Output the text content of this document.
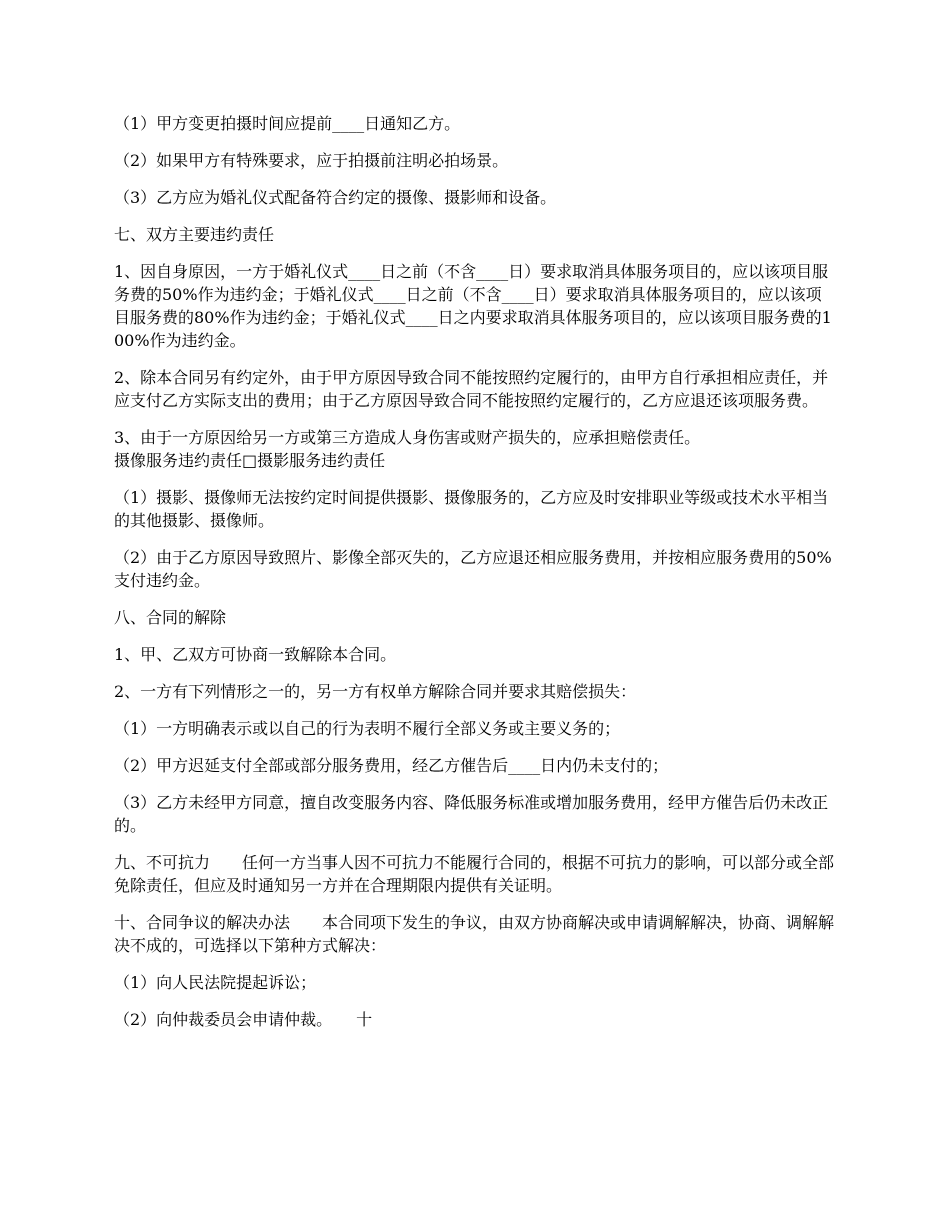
（1）甲方变更拍摄时间应提前____日通知乙方。

（2）如果甲方有特殊要求，应于拍摄前注明必拍场景。

（3）乙方应为婚礼仪式配备符合约定的摄像、摄影师和设备。

七、双方主要违约责任

1、因自身原因，一方于婚礼仪式____日之前（不含____日）要求取消具体服务项目的，应以该项目服务费的50%作为违约金；于婚礼仪式____日之前（不含____日）要求取消具体服务项目的，应以该项目服务费的80%作为违约金；于婚礼仪式____日之内要求取消具体服务项目的，应以该项目服务费的100%作为违约金。

2、除本合同另有约定外，由于甲方原因导致合同不能按照约定履行的，由甲方自行承担相应责任，并应支付乙方实际支出的费用；由于乙方原因导致合同不能按照约定履行的，乙方应退还该项服务费。

3、由于一方原因给另一方或第三方造成人身伤害或财产损失的，应承担赔偿责任。

摄像服务违约责任□摄影服务违约责任

（1）摄影、摄像师无法按约定时间提供摄影、摄像服务的，乙方应及时安排职业等级或技术水平相当的其他摄影、摄像师。

（2）由于乙方原因导致照片、影像全部灭失的，乙方应退还相应服务费用，并按相应服务费用的50%支付违约金。

八、合同的解除

1、甲、乙双方可协商一致解除本合同。

2、一方有下列情形之一的，另一方有权单方解除合同并要求其赔偿损失：

（1）一方明确表示或以自己的行为表明不履行全部义务或主要义务的；

（2）甲方迟延支付全部或部分服务费用，经乙方催告后____日内仍未支付的；

（3）乙方未经甲方同意，擅自改变服务内容、降低服务标准或增加服务费用，经甲方催告后仍未改正的。

九、不可抗力　　任何一方当事人因不可抗力不能履行合同的，根据不可抗力的影响，可以部分或全部免除责任，但应及时通知另一方并在合理期限内提供有关证明。

十、合同争议的解决办法　　本合同项下发生的争议，由双方协商解决或申请调解解决，协商、调解解决不成的，可选择以下第种方式解决：

（1）向人民法院提起诉讼；

（2）向仲裁委员会申请仲裁。　　十
